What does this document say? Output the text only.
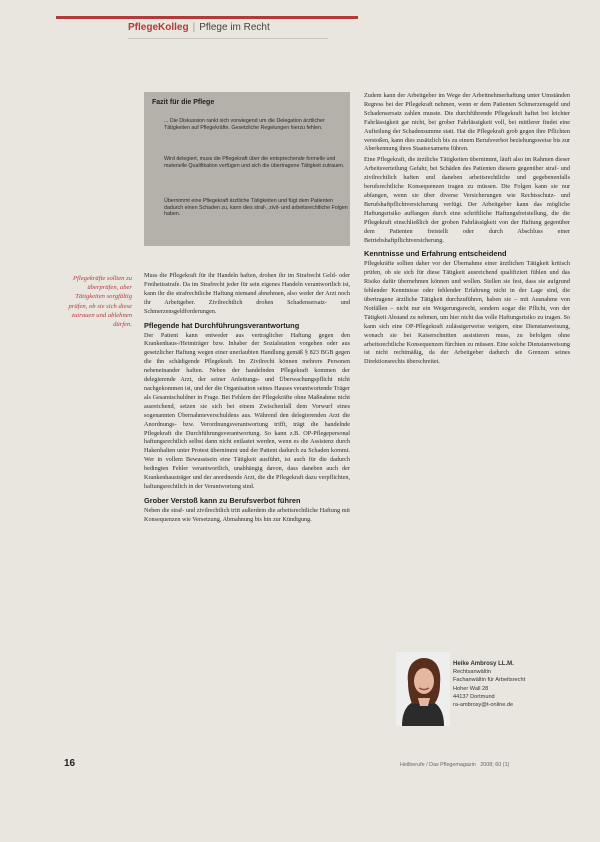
PflegeKolleg | Pflege im Recht
Fazit für die Pflege
... Die Diskussion rankt sich vorwiegend um die Delegation ärztlicher Tätigkeiten auf Pflegekräfte. Gesetzliche Regelungen hierzu fehlen.
Wird delegiert, muss die Pflegekraft über die entsprechende formelle und materielle Qualifikation verfügen und sich die übertragene Tätigkeit zutrauen.
Übernimmt eine Pflegekraft ärztliche Tätigkeiten und fügt dem Patienten dadurch einen Schaden zu, kann dies straf-, zivil- und arbeitsrechtliche Folgen haben.
Pflegekräfte sollten zu überprüfen, aber Tätigkeiten sorgfältig prüfen, ob sie sich diese zutrauen und ablehnen dürfen.

Muss die Pflegekraft für ihr Handeln haften, drohen ihr im Strafrecht Geld- oder Freiheitsstrafe. Da im Strafrecht jeder für sein eigenes Handeln verantwortlich ist, kann ihr die strafrechtliche Haftung niemand abnehmen, also weder der Arzt noch ihr Arbeitgeber. Zivilrechtlich drohen Schadensersatz- und Schmerzensgeldforderungen.

Pflegende hat Durchführungsverantwortung

Der Patient kann entweder aus vertraglicher Haftung gegen den Krankenhaus-/Heimträger bzw. Inhaber der Sozialstation vorgehen oder aus gesetzlicher Haftung wegen einer unerlaubten Handlung gemäß § 823 BGB gegen die ihn schädigende Pflegekraft. Im Zivilrecht können mehrere Personen nebeneinander haften. Neben der handelnden Pflegekraft kommen der delegierende Arzt, der seiner Anleitungs- und Überwachungspflicht nicht nachgekommen ist, und der die Organisation seines Hauses verantwortende Träger als Gesamtschuldner in Frage. Bei Fehlern der Pflegekräfte ohne Maßnahme nicht ausreichend, setzen sie sich bei einem Zwischenfall dem Vorwurf eines sogenannten Übernahmeverschuldens aus. Während den delegierenden Arzt die Anordnungs- bzw. Verordnungsverantwortung trifft, trägt die handelnde Pflegekraft die Durchführungsverantwortung. So kann z.B. OP-Pflegepersonal haftungsrechtlich selbst dann nicht entlastet werden, wenn es die Assistenz durch Hakenhalten unter Protest übernimmt und der Patient dadurch zu Schaden kommt. Wer in vollem Bewusstsein eine Tätigkeit ausführt, ist auch für die dadurch bedingten Fehler verantwortlich, unabhängig davon, dass daneben auch der Krankenhausträger und der anordnende Arzt, die die Pflegekraft dazu verpflichten, haftungsrechtlich in der Verantwortung sind.

Grober Verstoß kann zu Berufsverbot führen

Neben die straf- und zivilrechtlich tritt außerdem die arbeitsrechtliche Haftung mit Konsequenzen wie Versetzung, Abmahnung bis hin zur Kündigung.

Zudem kann der Arbeitgeber im Wege der Arbeitnehmerhaftung unter Umständen Regress bei der Pflegekraft nehmen, wenn er dem Patienten Schmerzensgeld und Schadensersatz zahlen musste. Die durchführende Pflegekraft haftet bei leichter Fahrlässigkeit gar nicht, bei grober Fahrlässigkeit voll, bei mittlerer findet eine Aufteilung der Schadensumme statt. Hat die Pflegekraft grob gegen ihre Pflichten verstoßen, kann dies zusätzlich bis zu einem Berufsverbot beziehungsweise bis zur Aberkennung ihres Staatsexamens führen.

Eine Pflegekraft, die ärztliche Tätigkeiten übernimmt, läuft also im Rahmen dieser Arbeitsverteilung Gefahr, bei Schäden des Patienten diesem gegenüber straf- und zivilrechtlich haften und daneben arbeitsrechtliche und gegebenenfalls berufsrechtliche Konsequenzen tragen zu müssen. Die Folgen kann sie nur abfangen, wenn sie über diverse Versicherungen wie Rechtsschutz- und Berufshaftpflichtversicherung verfügt. Der Arbeitgeber kann das mögliche Haftungsrisiko auffangen durch eine schriftliche Haftungsfreistellung, die die Pflegekraft einschließlich der groben Fahrlässigkeit von der Haftung gegenüber dem Patienten freistellt oder durch Abschluss einer Betriebshaftpflichtversicherung.

Kenntnisse und Erfahrung entscheidend

Pflegekräfte sollten daher vor der Übernahme einer ärztlichen Tätigkeit kritisch prüfen, ob sie sich für diese Tätigkeit ausreichend qualifiziert fühlen und das Risiko dafür übernehmen können und wollen. Stellen sie fest, dass sie aufgrund fehlender Kenntnisse oder fehlender Erfahrung nicht in der Lage sind, die übertragene ärztliche Tätigkeit durchzuführen, haben sie – mit Ausnahme von Notfällen – nicht nur ein Weigerungsrecht, sondern sogar die Pflicht, von der Tätigkeit Abstand zu nehmen, um hier nicht das volle Haftungsrisiko zu tragen. So kann sich eine OP-Pflegekraft zulässigerweise weigern, eine Dienstanweisung, wonach sie bei Kaiserschnitten assistieren muss, zu befolgen ohne arbeitsrechtliche Konsequenzen fürchten zu müssen. Eine solche Dienstanweisung ist nicht rechtmäßig, da der Arbeitgeber dadurch die Grenzen seines Direktionsrechts überschreitet.

Heike Ambrosy LL.M.
Rechtsanwältin
Fachanwältin für Arbeitsrecht
Hoher Wall 28
44137 Dortmund
ra-ambrosy@t-online.de
16	Heilberufe / Das Pflegemagazin 2008; 60 (1)
